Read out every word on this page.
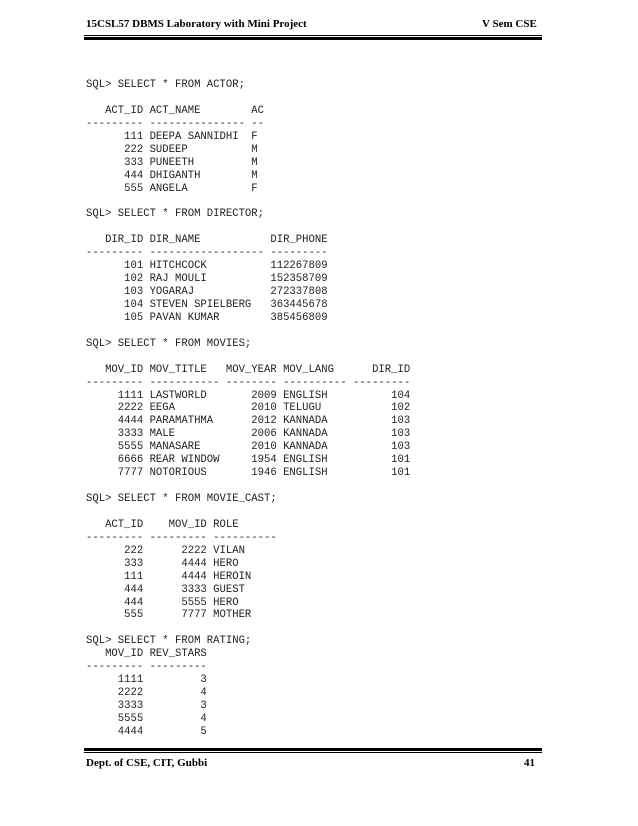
15CSL57 DBMS Laboratory with Mini Project	V Sem CSE
SQL> SELECT * FROM ACTOR;
ACT_ID ACT_NAME        AC
--------- --------------- --
111 DEEPA SANNIDHI  F
222 SUDEEP          M
333 PUNEETH         M
444 DHIGANTH        M
555 ANGELA          F
SQL> SELECT * FROM DIRECTOR;
DIR_ID DIR_NAME           DIR_PHONE
--------- ------------------ ---------
101 HITCHCOCK          112267809
102 RAJ MOULI          152358709
103 YOGARAJ            272337808
104 STEVEN SPIELBERG   363445678
105 PAVAN KUMAR        385456809
SQL> SELECT * FROM MOVIES;
MOV_ID MOV_TITLE   MOV_YEAR MOV_LANG      DIR_ID
--------- ----------- -------- ---------- ---------
1111 LASTWORLD       2009 ENGLISH          104
2222 EEGA            2010 TELUGU           102
4444 PARAMATHMA      2012 KANNADA          103
3333 MALE            2006 KANNADA          103
5555 MANASARE        2010 KANNADA          103
6666 REAR WINDOW     1954 ENGLISH          101
7777 NOTORIOUS       1946 ENGLISH          101
SQL> SELECT * FROM MOVIE_CAST;
ACT_ID    MOV_ID ROLE
--------- --------- ----------
222      2222 VILAN
333      4444 HERO
111      4444 HEROIN
444      3333 GUEST
444      5555 HERO
555      7777 MOTHER
SQL> SELECT * FROM RATING;
MOV_ID REV_STARS
--------- ---------
1111         3
2222         4
3333         3
5555         4
4444         5
Dept. of CSE, CIT, Gubbi	41
